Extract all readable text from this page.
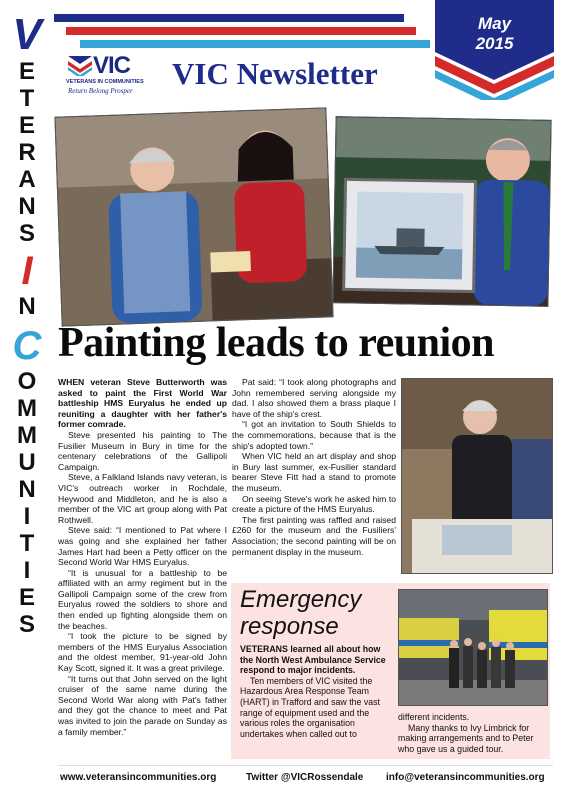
V
E
T
E
R
A
N
S
I
N
C
O
M
M
U
N
I
T
I
E
S
May
2015
VIC
VETERANS IN COMMUNITIES
Return Belong Prosper VIC Newsletter
Painting leads to reunion

WHEN veteran Steve Butterworth was asked to paint the First World War battleship HMS Euryalus he ended up reuniting a daughter with her father's former comrade.

Steve presented his painting to The Fusilier Museum in Bury in time for the centenary celebrations of the Gallipoli Campaign.

Steve, a Falkland Islands navy veteran, is VIC's outreach worker in Rochdale, Heywood and Middleton, and he is also a member of the VIC art group along with Pat Rothwell.

Steve said: “I mentioned to Pat where I was going and she explained her father James Hart had been a Petty officer on the Second World War HMS Euryalus.

“It is unusual for a battleship to be affiliated with an army regiment but in the Gallipoli Campaign some of the crew from Euryalus rowed the soldiers to shore and then ended up fighting alongside them on the beaches.

“I took the picture to be signed by members of the HMS Euryalus Association and the oldest member, 91-year-old John Kay Scott, signed it. It was a great privilege.

“It turns out that John served on the light cruiser of the same name during the Second World War along with Pat's father and they got the chance to meet and Pat was invited to join the parade on Sunday as a family member.”

Pat said: “I took along photographs and John remembered serving alongside my dad. I also showed them a brass plaque I have of the ship's crest.

“I got an invitation to South Shields to the commemorations, because that is the ship's adopted town.”

When VIC held an art display and shop in Bury last summer, ex-Fusilier standard bearer Steve Fitt had a stand to promote the museum.

On seeing Steve's work he asked him to create a picture of the HMS Euryalus.

The first painting was raffled and raised £260 for the museum and the Fusiliers' Association; the second painting will be on permanent display in the museum.

Emergency
response

VETERANS learned all about how the North West Ambulance Service respond to major incidents.

Ten members of VIC visited the Hazardous Area Response Team (HART) in Trafford and saw the vast range of equipment used and the various roles the organisation undertakes when called out to

different incidents.

Many thanks to Ivy Limbrick for making arrangements and to Peter who gave us a guided tour.

www.veteransincommunities.org	Twitter @VICRossendale info@veteransincommunities.org
